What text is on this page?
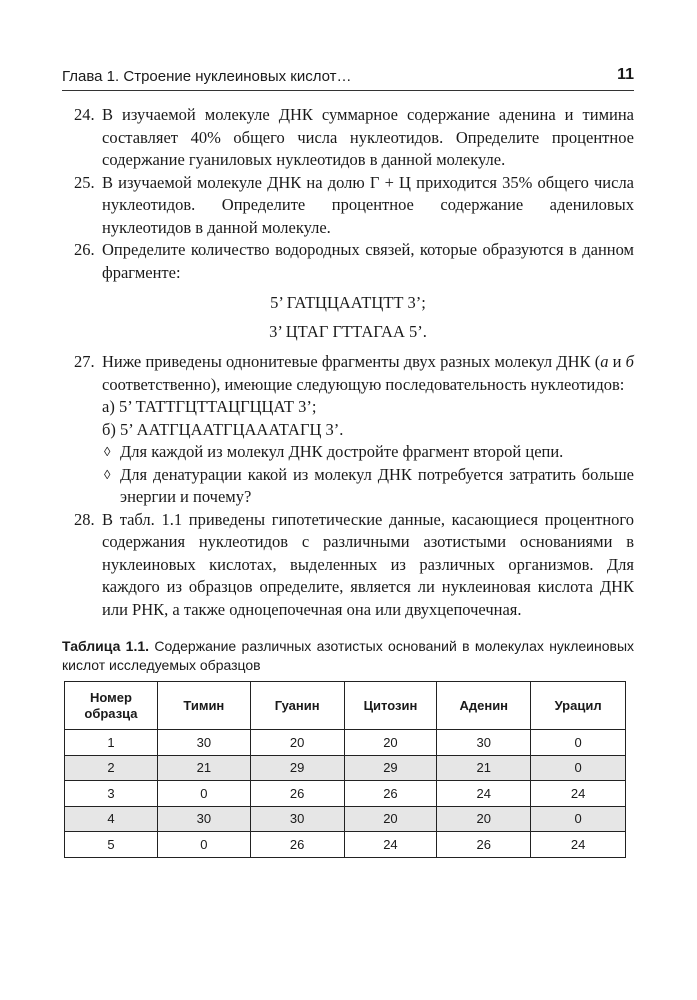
Глава 1. Строение нуклеиновых кислот…	11
24. В изучаемой молекуле ДНК суммарное содержание аденина и тимина составляет 40% общего числа нуклеотидов. Определите процентное содержание гуаниловых нуклеотидов в данной молекуле.
25. В изучаемой молекуле ДНК на долю Г + Ц приходится 35% общего числа нуклеотидов. Определите процентное содержание адениловых нуклеотидов в данной молекуле.
26. Определите количество водородных связей, которые образуются в данном фрагменте:
5’ ГАТЦЦААТЦТТ 3’;
3’ ЦТАГ ГТТАГАА 5’.
27. Ниже приведены однонитевые фрагменты двух разных молекул ДНК (а и б соответственно), имеющие следующую последовательность нуклеотидов:
а) 5’ ТАТТГЦТТАЦГЦЦАТ 3’;
б) 5’ ААТГЦААТГЦАААТАГЦ 3’.
◊
Для каждой из молекул ДНК достройте фрагмент второй цепи.
◊
Для денатурации какой из молекул ДНК потребуется затратить больше энергии и почему?
28. В табл. 1.1 приведены гипотетические данные, касающиеся процентного содержания нуклеотидов с различными азотистыми основаниями в нуклеиновых кислотах, выделенных из различных организмов. Для каждого из образцов определите, является ли нуклеиновая кислота ДНК или РНК, а также одноцепочечная она или двухцепочечная.
Таблица 1.1. Содержание различных азотистых оснований в молекулах нуклеиновых кислот исследуемых образцов
Номер образца	Тимин	Гуанин	Цитозин	Аденин	Урацил
1	30	20	20	30	0
2	21	29	29	21	0
3	0	26	26	24	24
4	30	30	20	20	0
5	0	26	24	26	24
